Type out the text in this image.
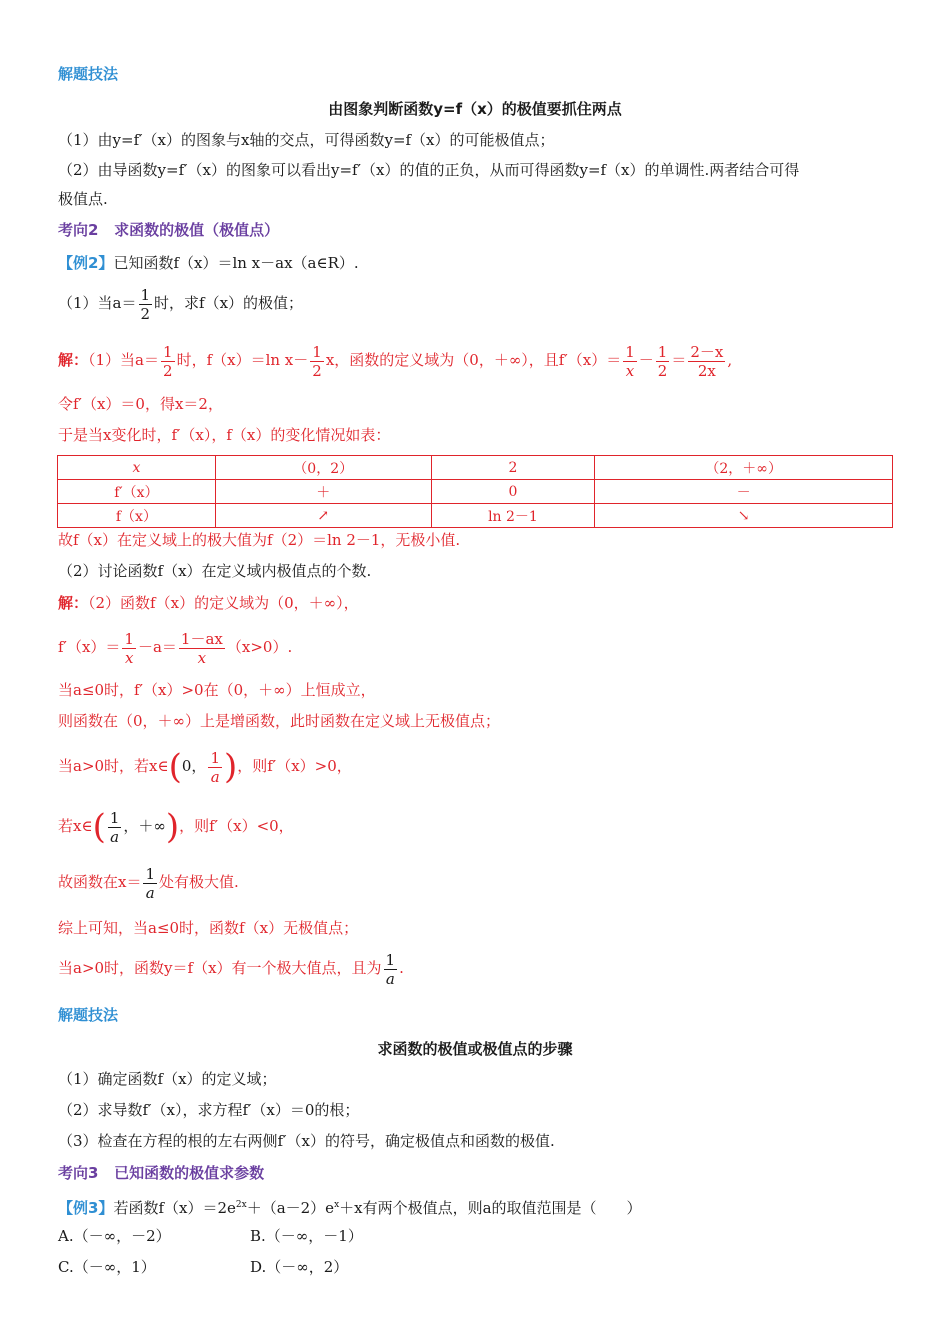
解题技法
由图象判断函数y=f（x）的极值要抓住两点
（1）由y=f′（x）的图象与x轴的交点，可得函数y=f（x）的可能极值点；
（2）由导函数y=f′（x）的图象可以看出y=f′（x）的值的正负，从而可得函数y=f（x）的单调性.两者结合可得
极值点.
考向2 求函数的极值（极值点）
【例2】已知函数f（x）＝ln x－ax（a∈R）.
（1）当$a= \frac{1}{2}$ 时，求f（x）的极值；
解：（1）当$a= \frac{1}{2}$ 时，f（x）＝ln $x- \frac{1}{2}$ x，函数的定义域为（0，＋∞），且$f'(x)= \frac{1}{x} - \frac{1}{2} = \frac{2-x}{2x}$ ,
令f′（x）＝0，得x＝2，
于是当x变化时，f′（x），f（x）的变化情况如表：
x	（0，2）	2	（2，＋∞）
f′（x）	＋	0	－
f（x）	↗	ln 2－1	↘
故f（x）在定义域上的极大值为f（2）＝ln 2－1，无极小值.
（2）讨论函数f（x）在定义域内极值点的个数.
解：（2）函数f（x）的定义域为（0，＋∞），
$f'(x)= \frac{1}{x} -a= \frac{1-ax}{x} (x>0)$.
当a≤0时，f′（x）>0在（0，＋∞）上恒成立，
则函数在（0，＋∞）上是增函数，此时函数在定义域上无极值点；
当a>0时，若x∈(0， $\frac{1}{a}$ )，则f′（x）>0，
若x∈( $\frac{1}{a}$ ，＋∞)，则f′（x）<0，
故函数在$x= \frac{1}{a}$ 处有极大值.
综上可知，当a≤0时，函数f（x）无极值点；
当a>0时，函数y＝f（x）有一个极大值点，且为 $\frac{1}{a}$ .
解题技法
求函数的极值或极值点的步骤
（1）确定函数f（x）的定义域；
（2）求导数f′（x），求方程f′（x）＝0的根；
（3）检查在方程的根的左右两侧f′（x）的符号，确定极值点和函数的极值.
考向3 已知函数的极值求参数
【例3】若函数$f(x)=2e^{2x}+(a-2)e^x+x$有两个极值点，则a的取值范围是（　　）
A.（－∞，－2）	B.（－∞，－1）
C.（－∞，1）	D.（－∞，2）
